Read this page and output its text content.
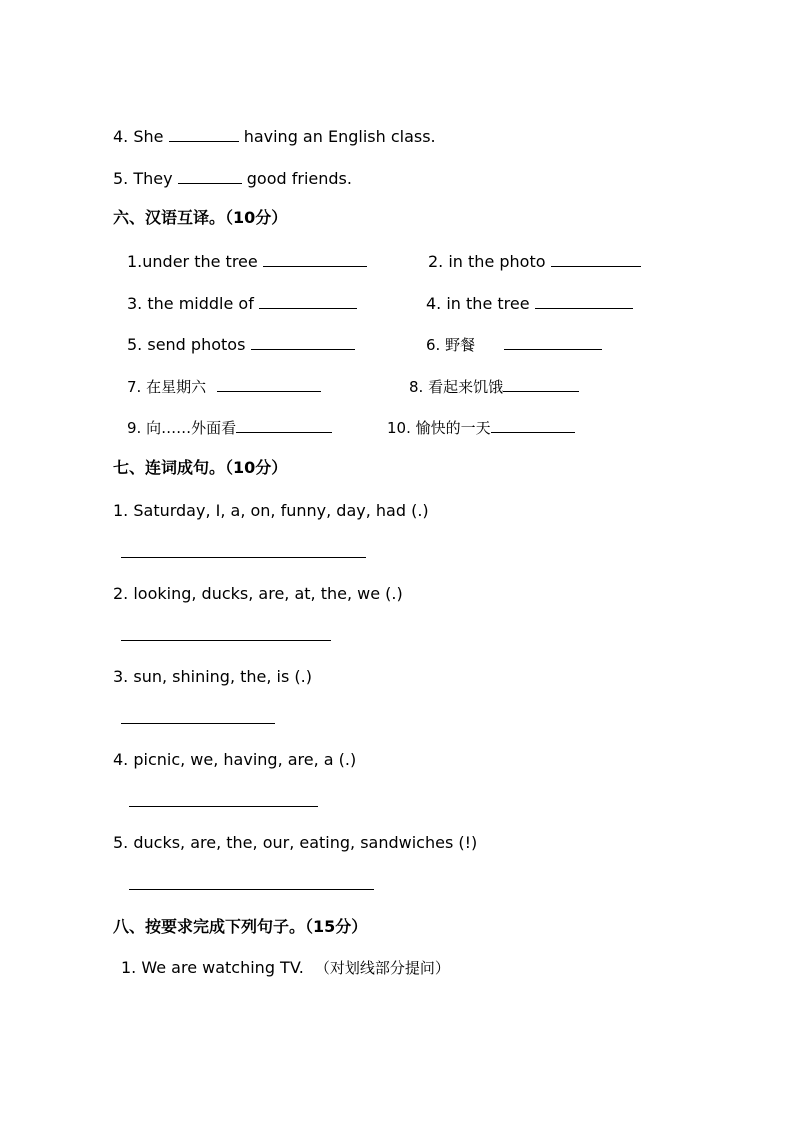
4. She	having an English class.
5. They	good friends.
六、汉语互译。（10分）
1.under the tree	2. in the photo
3. the middle of	4. in the tree
5. send photos	6. 野餐
7. 在星期六	8. 看起来饥饿
9. 向……外面看	10. 愉快的一天
七、连词成句。（10分）
1. Saturday, I, a, on, funny, day, had (.)
2. looking, ducks, are, at, the, we (.)
3. sun, shining, the, is (.)
4. picnic, we, having, are, a (.)
5. ducks, are, the, our, eating, sandwiches (!)
八、按要求完成下列句子。（15分）
1. We are watching TV. （对划线部分提问）
